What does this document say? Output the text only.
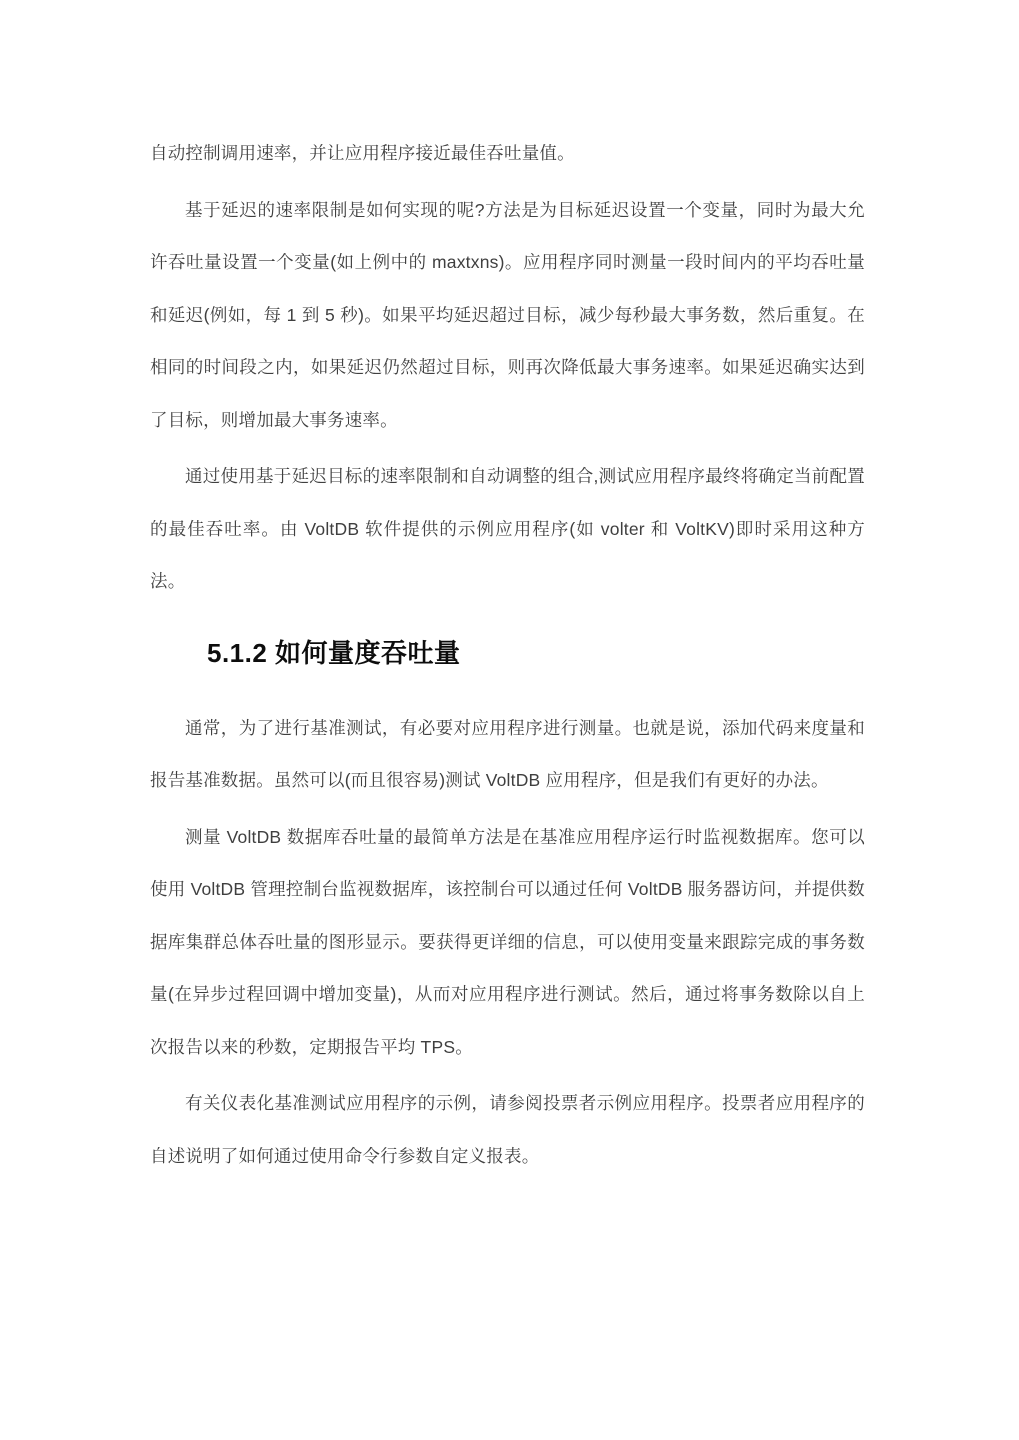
自动控制调用速率，并让应用程序接近最佳吞吐量值。

基于延迟的速率限制是如何实现的呢?方法是为目标延迟设置一个变量，同时为最大允许吞吐量设置一个变量(如上例中的 maxtxns)。应用程序同时测量一段时间内的平均吞吐量和延迟(例如，每 1 到 5 秒)。如果平均延迟超过目标，减少每秒最大事务数，然后重复。在相同的时间段之内，如果延迟仍然超过目标，则再次降低最大事务速率。如果延迟确实达到了目标，则增加最大事务速率。

通过使用基于延迟目标的速率限制和自动调整的组合,测试应用程序最终将确定当前配置的最佳吞吐率。由 VoltDB 软件提供的示例应用程序(如 volter 和 VoltKV)即时采用这种方法。

5.1.2 如何量度吞吐量

通常，为了进行基准测试，有必要对应用程序进行测量。也就是说，添加代码来度量和报告基准数据。虽然可以(而且很容易)测试 VoltDB 应用程序，但是我们有更好的办法。

测量 VoltDB 数据库吞吐量的最简单方法是在基准应用程序运行时监视数据库。您可以使用 VoltDB 管理控制台监视数据库，该控制台可以通过任何 VoltDB 服务器访问，并提供数据库集群总体吞吐量的图形显示。要获得更详细的信息，可以使用变量来跟踪完成的事务数量(在异步过程回调中增加变量)，从而对应用程序进行测试。然后，通过将事务数除以自上次报告以来的秒数，定期报告平均 TPS。

有关仪表化基准测试应用程序的示例，请参阅投票者示例应用程序。投票者应用程序的自述说明了如何通过使用命令行参数自定义报表。
